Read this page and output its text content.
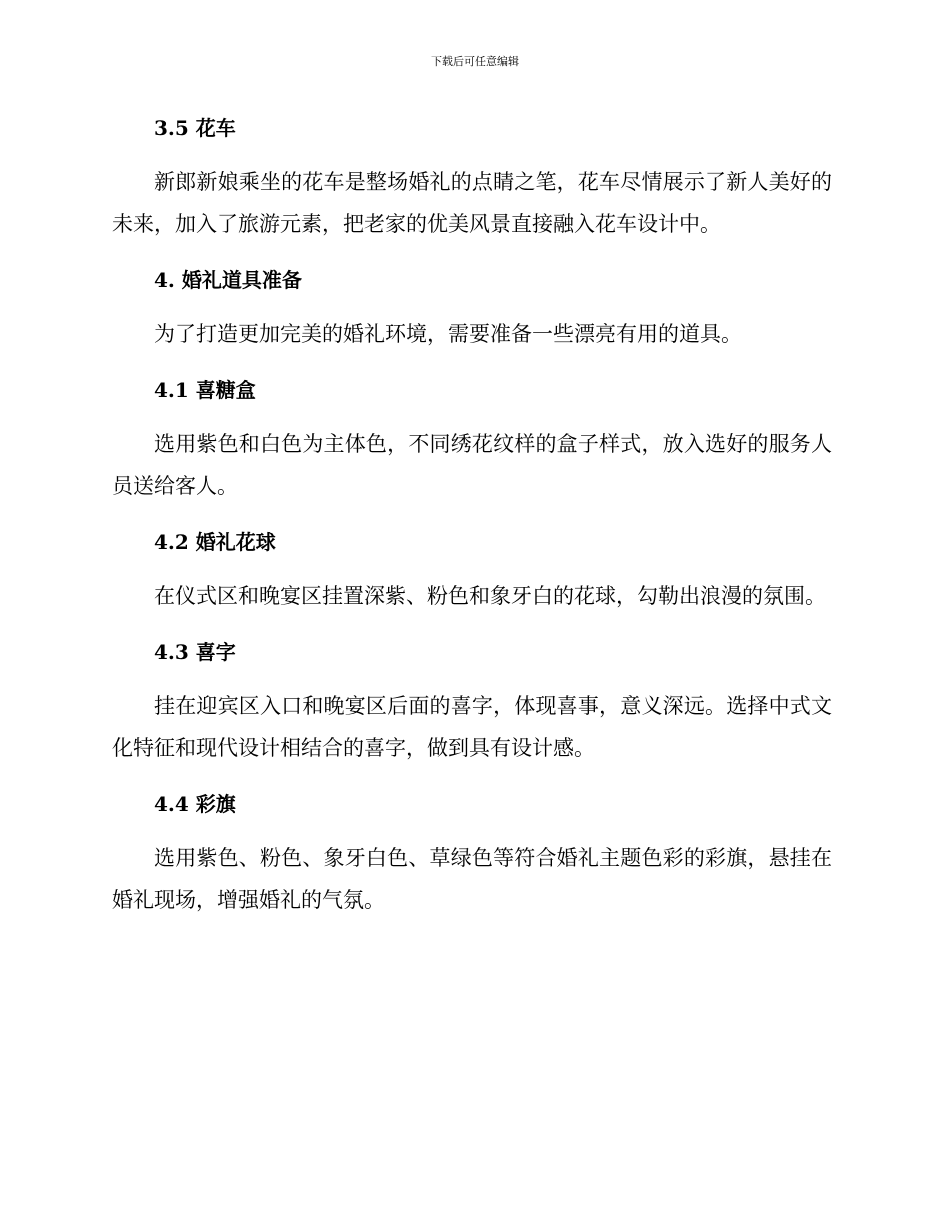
下载后可任意编辑
3.5 花车

新郎新娘乘坐的花车是整场婚礼的点睛之笔，花车尽情展示了新人美好的未来，加入了旅游元素，把老家的优美风景直接融入花车设计中。

4. 婚礼道具准备

为了打造更加完美的婚礼环境，需要准备一些漂亮有用的道具。

4.1 喜糖盒

选用紫色和白色为主体色，不同绣花纹样的盒子样式，放入选好的服务人员送给客人。

4.2 婚礼花球

在仪式区和晚宴区挂置深紫、粉色和象牙白的花球，勾勒出浪漫的氛围。

4.3 喜字

挂在迎宾区入口和晚宴区后面的喜字，体现喜事，意义深远。选择中式文化特征和现代设计相结合的喜字，做到具有设计感。

4.4 彩旗

选用紫色、粉色、象牙白色、草绿色等符合婚礼主题色彩的彩旗，悬挂在婚礼现场，增强婚礼的气氛。
